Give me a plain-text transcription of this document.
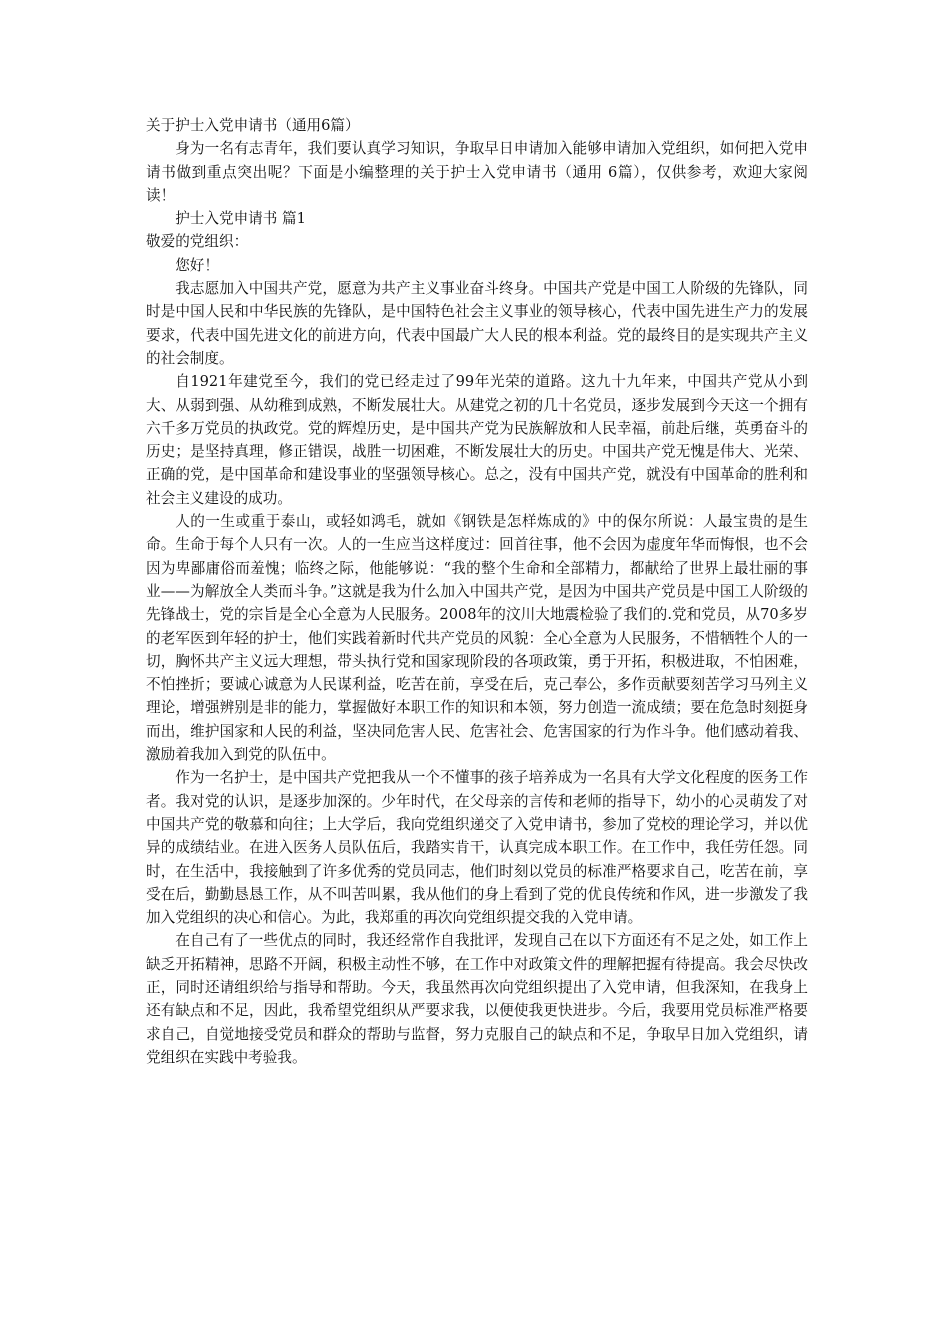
关于护士入党申请书（通用6篇）

身为一名有志青年，我们要认真学习知识，争取早日申请加入能够申请加入党组织，如何把入党申请书做到重点突出呢？下面是小编整理的关于护士入党申请书（通用 6篇），仅供参考，欢迎大家阅读！

护士入党申请书 篇1

敬爱的党组织：

您好！

我志愿加入中国共产党，愿意为共产主义事业奋斗终身。中国共产党是中国工人阶级的先锋队，同时是中国人民和中华民族的先锋队，是中国特色社会主义事业的领导核心，代表中国先进生产力的发展要求，代表中国先进文化的前进方向，代表中国最广大人民的根本利益。党的最终目的是实现共产主义的社会制度。

自1921年建党至今，我们的党已经走过了99年光荣的道路。这九十九年来，中国共产党从小到大、从弱到强、从幼稚到成熟，不断发展壮大。从建党之初的几十名党员，逐步发展到今天这一个拥有六千多万党员的执政党。党的辉煌历史，是中国共产党为民族解放和人民幸福，前赴后继，英勇奋斗的历史；是坚持真理，修正错误，战胜一切困难，不断发展壮大的历史。中国共产党无愧是伟大、光荣、正确的党，是中国革命和建设事业的坚强领导核心。总之，没有中国共产党，就没有中国革命的胜利和社会主义建设的成功。

人的一生或重于泰山，或轻如鸿毛，就如《钢铁是怎样炼成的》中的保尔所说：人最宝贵的是生命。生命于每个人只有一次。人的一生应当这样度过：回首往事，他不会因为虚度年华而悔恨，也不会因为卑鄙庸俗而羞愧；临终之际，他能够说：“我的整个生命和全部精力，都献给了世界上最壮丽的事业——为解放全人类而斗争。”这就是我为什么加入中国共产党，是因为中国共产党员是中国工人阶级的先锋战士，党的宗旨是全心全意为人民服务。2008年的汶川大地震检验了我们的.党和党员，从70多岁的老军医到年轻的护士，他们实践着新时代共产党员的风貌：全心全意为人民服务，不惜牺牲个人的一切，胸怀共产主义远大理想，带头执行党和国家现阶段的各项政策，勇于开拓，积极进取，不怕困难，不怕挫折；要诚心诚意为人民谋利益，吃苦在前，享受在后，克己奉公，多作贡献要刻苦学习马列主义理论，增强辨别是非的能力，掌握做好本职工作的知识和本领，努力创造一流成绩；要在危急时刻挺身而出，维护国家和人民的利益，坚决同危害人民、危害社会、危害国家的行为作斗争。他们感动着我、激励着我加入到党的队伍中。

作为一名护士，是中国共产党把我从一个不懂事的孩子培养成为一名具有大学文化程度的医务工作者。我对党的认识，是逐步加深的。少年时代，在父母亲的言传和老师的指导下，幼小的心灵萌发了对中国共产党的敬慕和向往；上大学后，我向党组织递交了入党申请书，参加了党校的理论学习，并以优异的成绩结业。在进入医务人员队伍后，我踏实肯干，认真完成本职工作。在工作中，我任劳任怨。同时，在生活中，我接触到了许多优秀的党员同志，他们时刻以党员的标准严格要求自己，吃苦在前，享受在后，勤勤恳恳工作，从不叫苦叫累，我从他们的身上看到了党的优良传统和作风，进一步激发了我加入党组织的决心和信心。为此，我郑重的再次向党组织提交我的入党申请。

在自己有了一些优点的同时，我还经常作自我批评，发现自己在以下方面还有不足之处，如工作上缺乏开拓精神，思路不开阔，积极主动性不够，在工作中对政策文件的理解把握有待提高。我会尽快改正，同时还请组织给与指导和帮助。今天，我虽然再次向党组织提出了入党申请，但我深知，在我身上还有缺点和不足，因此，我希望党组织从严要求我，以便使我更快进步。今后，我要用党员标准严格要求自己，自觉地接受党员和群众的帮助与监督，努力克服自己的缺点和不足，争取早日加入党组织，请党组织在实践中考验我。
